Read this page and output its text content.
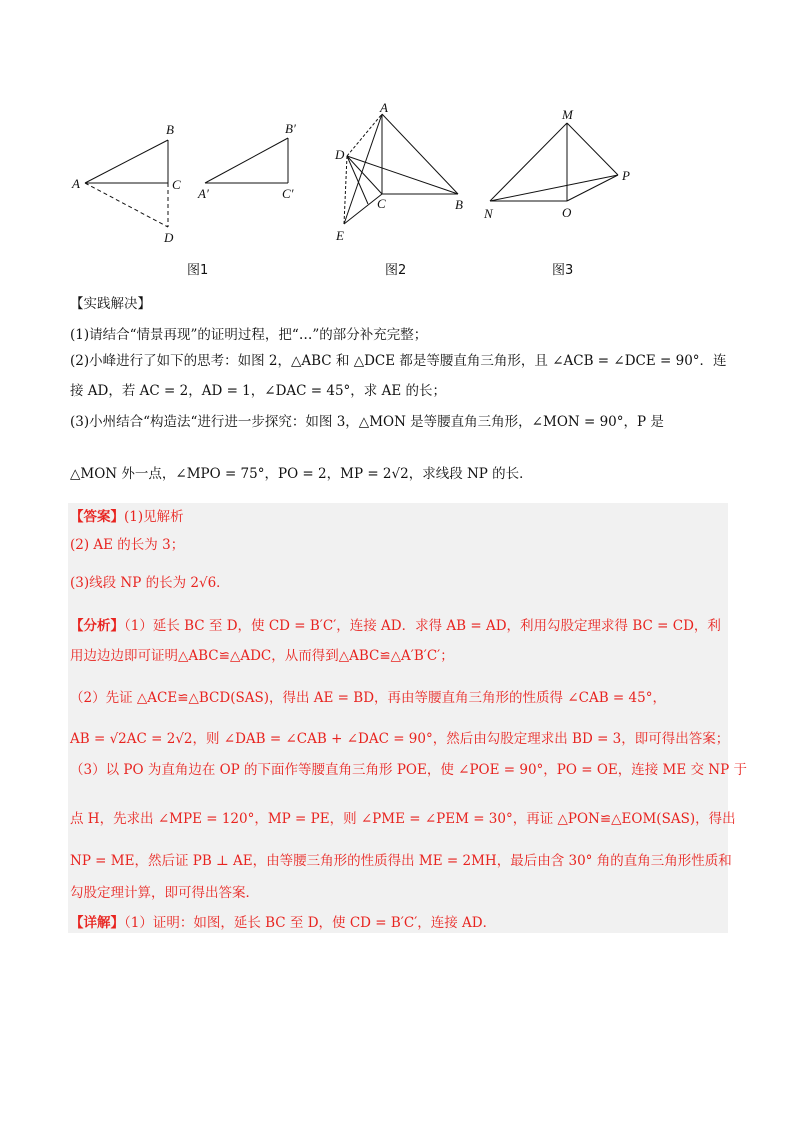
A
B
C
D
A′
B′
C′
图1
A
B
C
D
E
图2
M
N	O
P
图3
【实践解决】
(1)请结合“情景再现”的证明过程，把“…”的部分补充完整；
(2)小峰进行了如下的思考：如图 2，△ABC 和 △DCE 都是等腰直角三角形，且 ∠ACB = ∠DCE = 90°．连
接 AD，若 AC = 2，AD = 1，∠DAC = 45°，求 AE 的长；
(3)小州结合“构造法“进行进一步探究：如图 3，△MON 是等腰直角三角形，∠MON = 90°，P 是
△MON 外一点，∠MPO = 75°，PO = 2，MP = 2√2，求线段 NP 的长．
【答案】(1)见解析
(2) AE 的长为 3；
(3)线段 NP 的长为 2√6．
【分析】（1）延长 BC 至 D，使 CD = B′C′，连接 AD．求得 AB = AD，利用勾股定理求得 BC = CD，利
用边边边即可证明△ABC≌△ADC，从而得到△ABC≌△A′B′C′；
（2）先证 △ACE≌△BCD(SAS)，得出 AE = BD，再由等腰直角三角形的性质得 ∠CAB = 45°，
AB = √2AC = 2√2，则 ∠DAB = ∠CAB + ∠DAC = 90°，然后由勾股定理求出 BD = 3，即可得出答案；
（3）以 PO 为直角边在 OP 的下面作等腰直角三角形 POE，使 ∠POE = 90°，PO = OE，连接 ME 交 NP 于
点 H，先求出 ∠MPE = 120°，MP = PE，则 ∠PME = ∠PEM = 30°，再证 △PON≌△EOM(SAS)，得出
NP = ME，然后证 PB ⊥ AE，由等腰三角形的性质得出 ME = 2MH，最后由含 30° 角的直角三角形性质和
勾股定理计算，即可得出答案．
【详解】（1）证明：如图，延长 BC 至 D，使 CD = B′C′，连接 AD．
